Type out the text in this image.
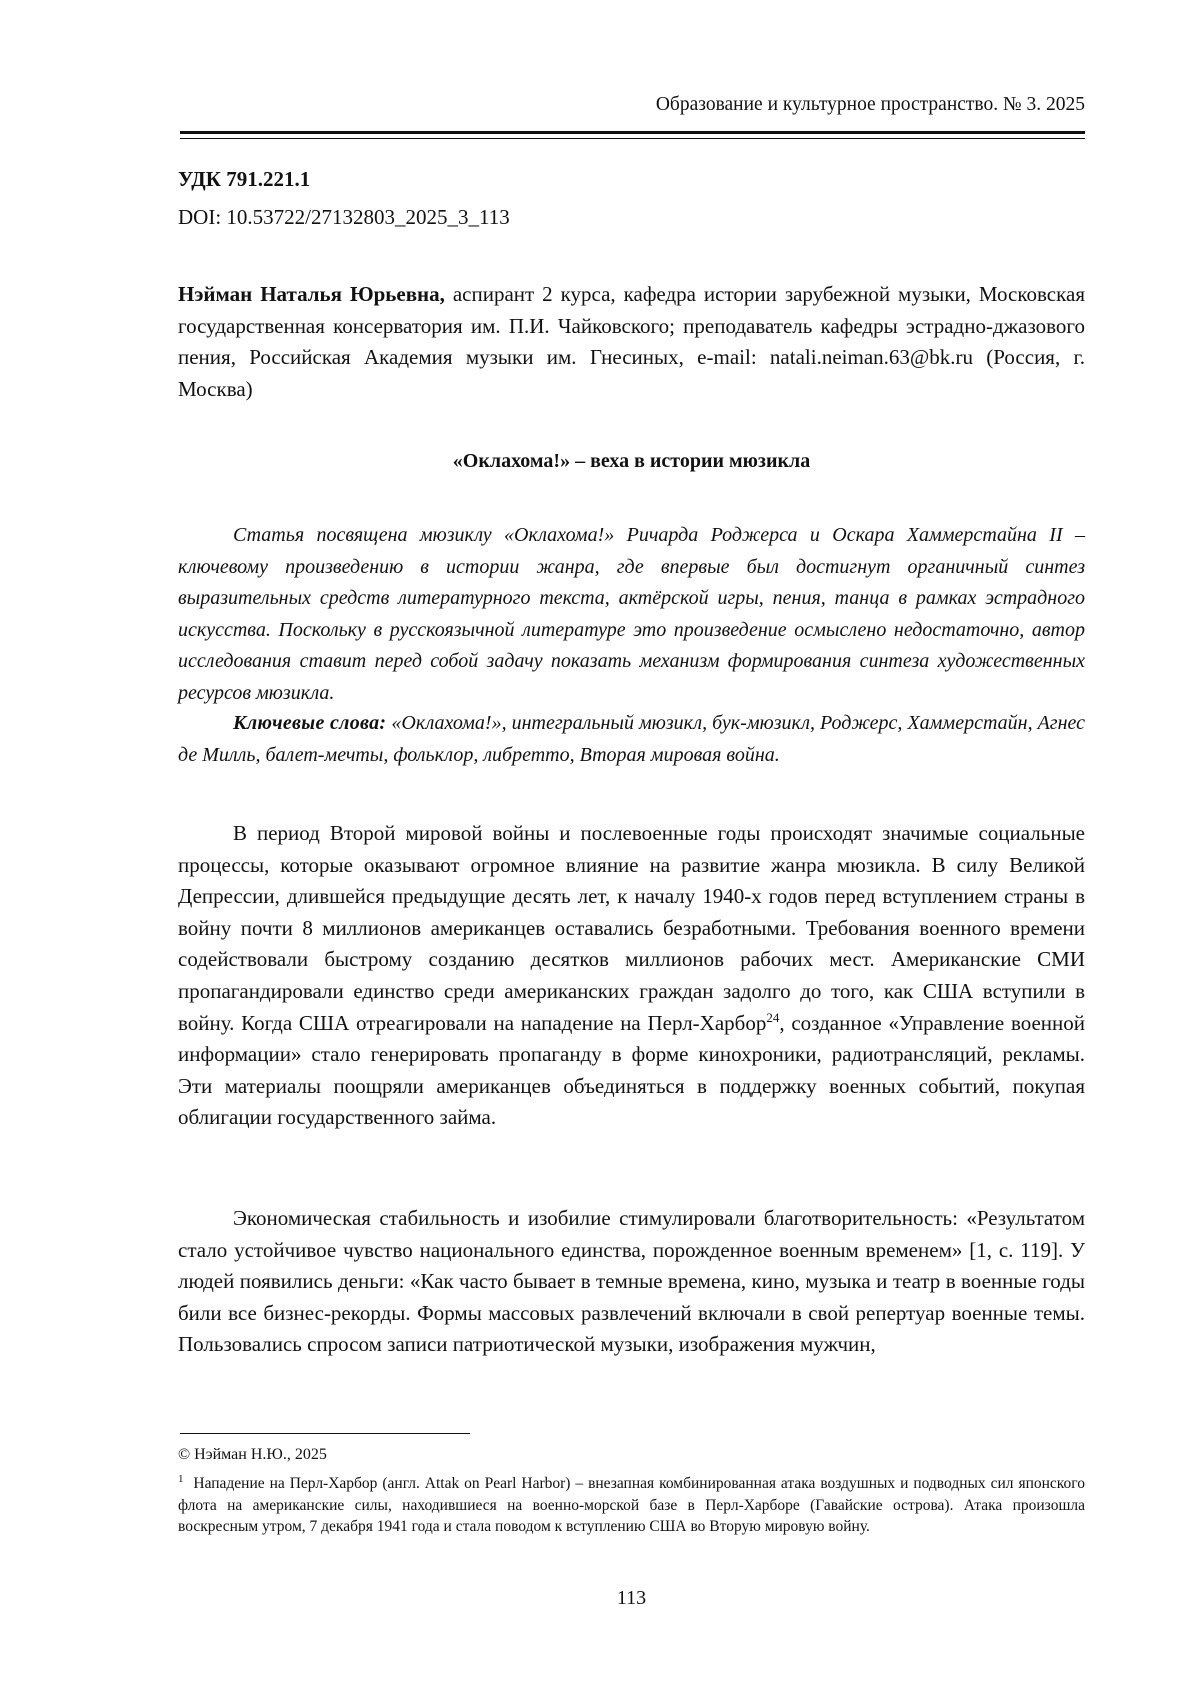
Образование и культурное пространство. № 3. 2025
УДК 791.221.1
DOI: 10.53722/27132803_2025_3_113
Нэйман Наталья Юрьевна, аспирант 2 курса, кафедра истории зарубежной музыки, Московская государственная консерватория им. П.И. Чайковского; преподаватель кафедры эстрадно-джазового пения, Российская Академия музыки им. Гнесиных, e-mail: natali.neiman.63@bk.ru (Россия, г. Москва)
«Оклахома!» – веха в истории мюзикла

Статья посвящена мюзиклу «Оклахома!» Ричарда Роджерса и Оскара Хаммерстайна II – ключевому произведению в истории жанра, где впервые был достигнут органичный синтез выразительных средств литературного текста, актёрской игры, пения, танца в рамках эстрадного искусства. Поскольку в русскоязычной литературе это произведение осмыслено недостаточно, автор исследования ставит перед собой задачу показать механизм формирования синтеза художественных ресурсов мюзикла.

Ключевые слова: «Оклахома!», интегральный мюзикл, бук-мюзикл, Роджерс, Хаммерстайн, Агнес де Милль, балет-мечты, фольклор, либретто, Вторая мировая война.

В период Второй мировой войны и послевоенные годы происходят значимые социальные процессы, которые оказывают огромное влияние на развитие жанра мюзикла. В силу Великой Депрессии, длившейся предыдущие десять лет, к началу 1940-х годов перед вступлением страны в войну почти 8 миллионов американцев оставались безработными. Требования военного времени содействовали быстрому созданию десятков миллионов рабочих мест. Американские СМИ пропагандировали единство среди американских граждан задолго до того, как США вступили в войну. Когда США отреагировали на нападение на Перл-Харбор$^{24}$, созданное «Управление военной информации» стало генерировать пропаганду в форме кинохроники, радиотрансляций, рекламы. Эти материалы поощряли американцев объединяться в поддержку военных событий, покупая облигации государственного займа.

Экономическая стабильность и изобилие стимулировали благотворительность: «Результатом стало устойчивое чувство национального единства, порожденное военным временем» [1, с. 119]. У людей появились деньги: «Как часто бывает в темные времена, кино, музыка и театр в военные годы били все бизнес-рекорды. Формы массовых развлечений включали в свой репертуар военные темы. Пользовались спросом записи патриотической музыки, изображения мужчин,

© Нэйман Н.Ю., 2025

$^1$ Нападение на Перл-Харбор (англ. Attak on Pearl Harbor) – внезапная комбинированная атака воздушных и подводных сил японского флота на американские силы, находившиеся на военно-морской базе в Перл-Харборе (Гавайские острова). Атака произошла воскресным утром, 7 декабря 1941 года и стала поводом к вступлению США во Вторую мировую войну.

113
